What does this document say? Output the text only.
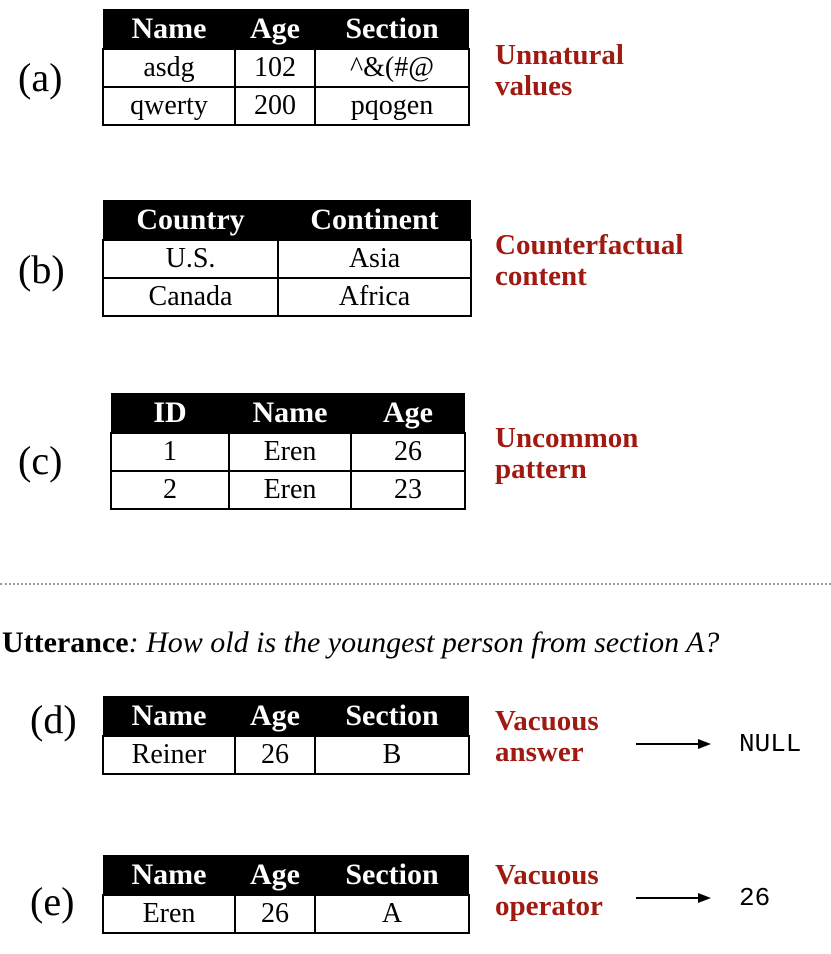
(a)
Name	Age	Section
asdg	102	^&(#@
qwerty	200	pqogen
Unnatural
values
(b)
Country	Continent
U.S.	Asia
Canada	Africa
Counterfactual
content
(c)
ID	Name	Age
1	Eren	26
2	Eren	23
Uncommon
pattern
Utterance: How old is the youngest person from section A?
(d) Name	Age	Section
Reiner	26	B
Vacuous
answer	NULL
(e)
Name	Age	Section
Eren	26	A
Vacuous
operator	26
